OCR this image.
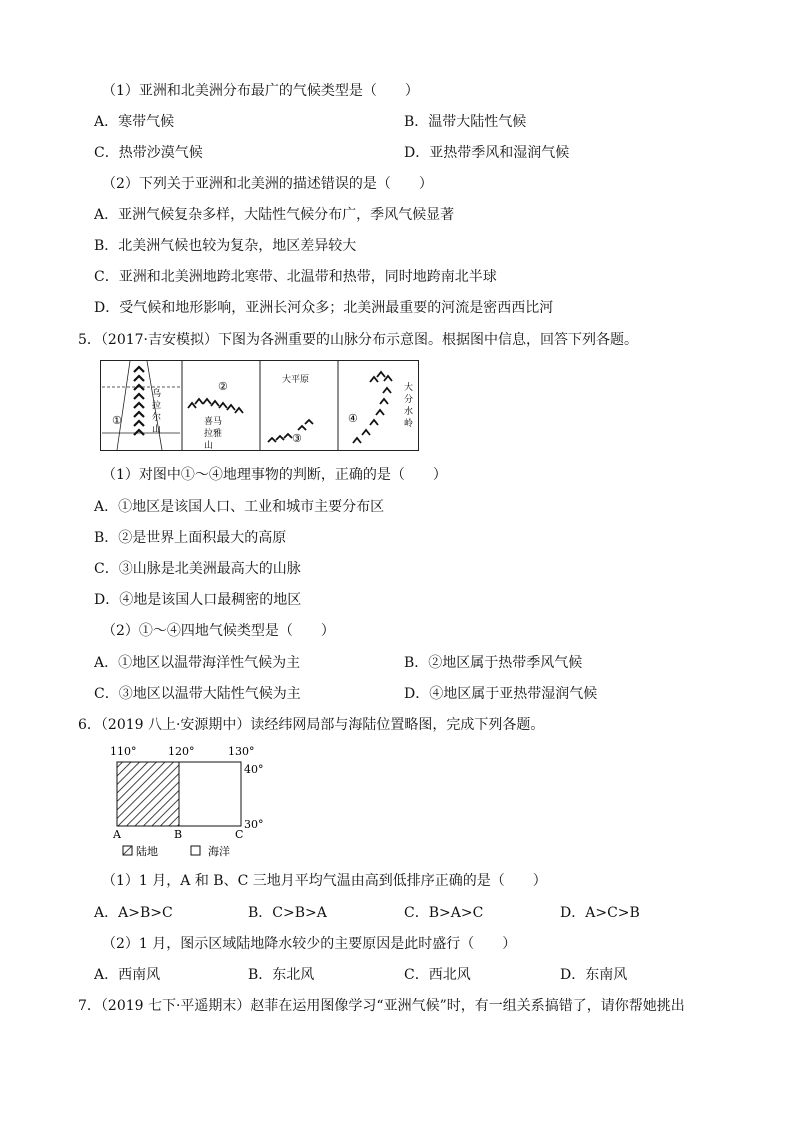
（1）亚洲和北美洲分布最广的气候类型是（　　）
A．寒带气候	B．温带大陆性气候
C．热带沙漠气候	D．亚热带季风和湿润气候
（2）下列关于亚洲和北美洲的描述错误的是（　　）
A．亚洲气候复杂多样，大陆性气候分布广，季风气候显著
B．北美洲气候也较为复杂，地区差异较大
C．亚洲和北美洲地跨北寒带、北温带和热带，同时地跨南北半球
D．受气候和地形影响，亚洲长河众多；北美洲最重要的河流是密西西比河
5．（2017·吉安模拟）下图为各洲重要的山脉分布示意图。根据图中信息，回答下列各题。
①
乌
拉
尔
山
②
喜马
拉雅
山
大平原
③
④
大
分
水
岭
（1）对图中①～④地理事物的判断，正确的是（　　）
A．①地区是该国人口、工业和城市主要分布区
B．②是世界上面积最大的高原
C．③山脉是北美洲最高大的山脉
D．④地是该国人口最稠密的地区
（2）①～④四地气候类型是（　　）
A．①地区以温带海洋性气候为主	B．②地区属于热带季风气候
C．③地区以温带大陆性气候为主	D．④地区属于亚热带湿润气候
6．（2019 八上·安源期中）读经纬网局部与海陆位置略图，完成下列各题。
110°	120°	130°
40°
30°
A	B	C
陆地	海洋
（1）1 月，A 和 B、C 三地月平均气温由高到低排序正确的是（　　）
A．A>B>C	B．C>B>A	C．B>A>C	D．A>C>B
（2）1 月，图示区域陆地降水较少的主要原因是此时盛行（　　）
A．西南风	B．东北风	C．西北风	D．东南风
7．（2019 七下·平遥期末）赵菲在运用图像学习“亚洲气候”时，有一组关系搞错了，请你帮她挑出
